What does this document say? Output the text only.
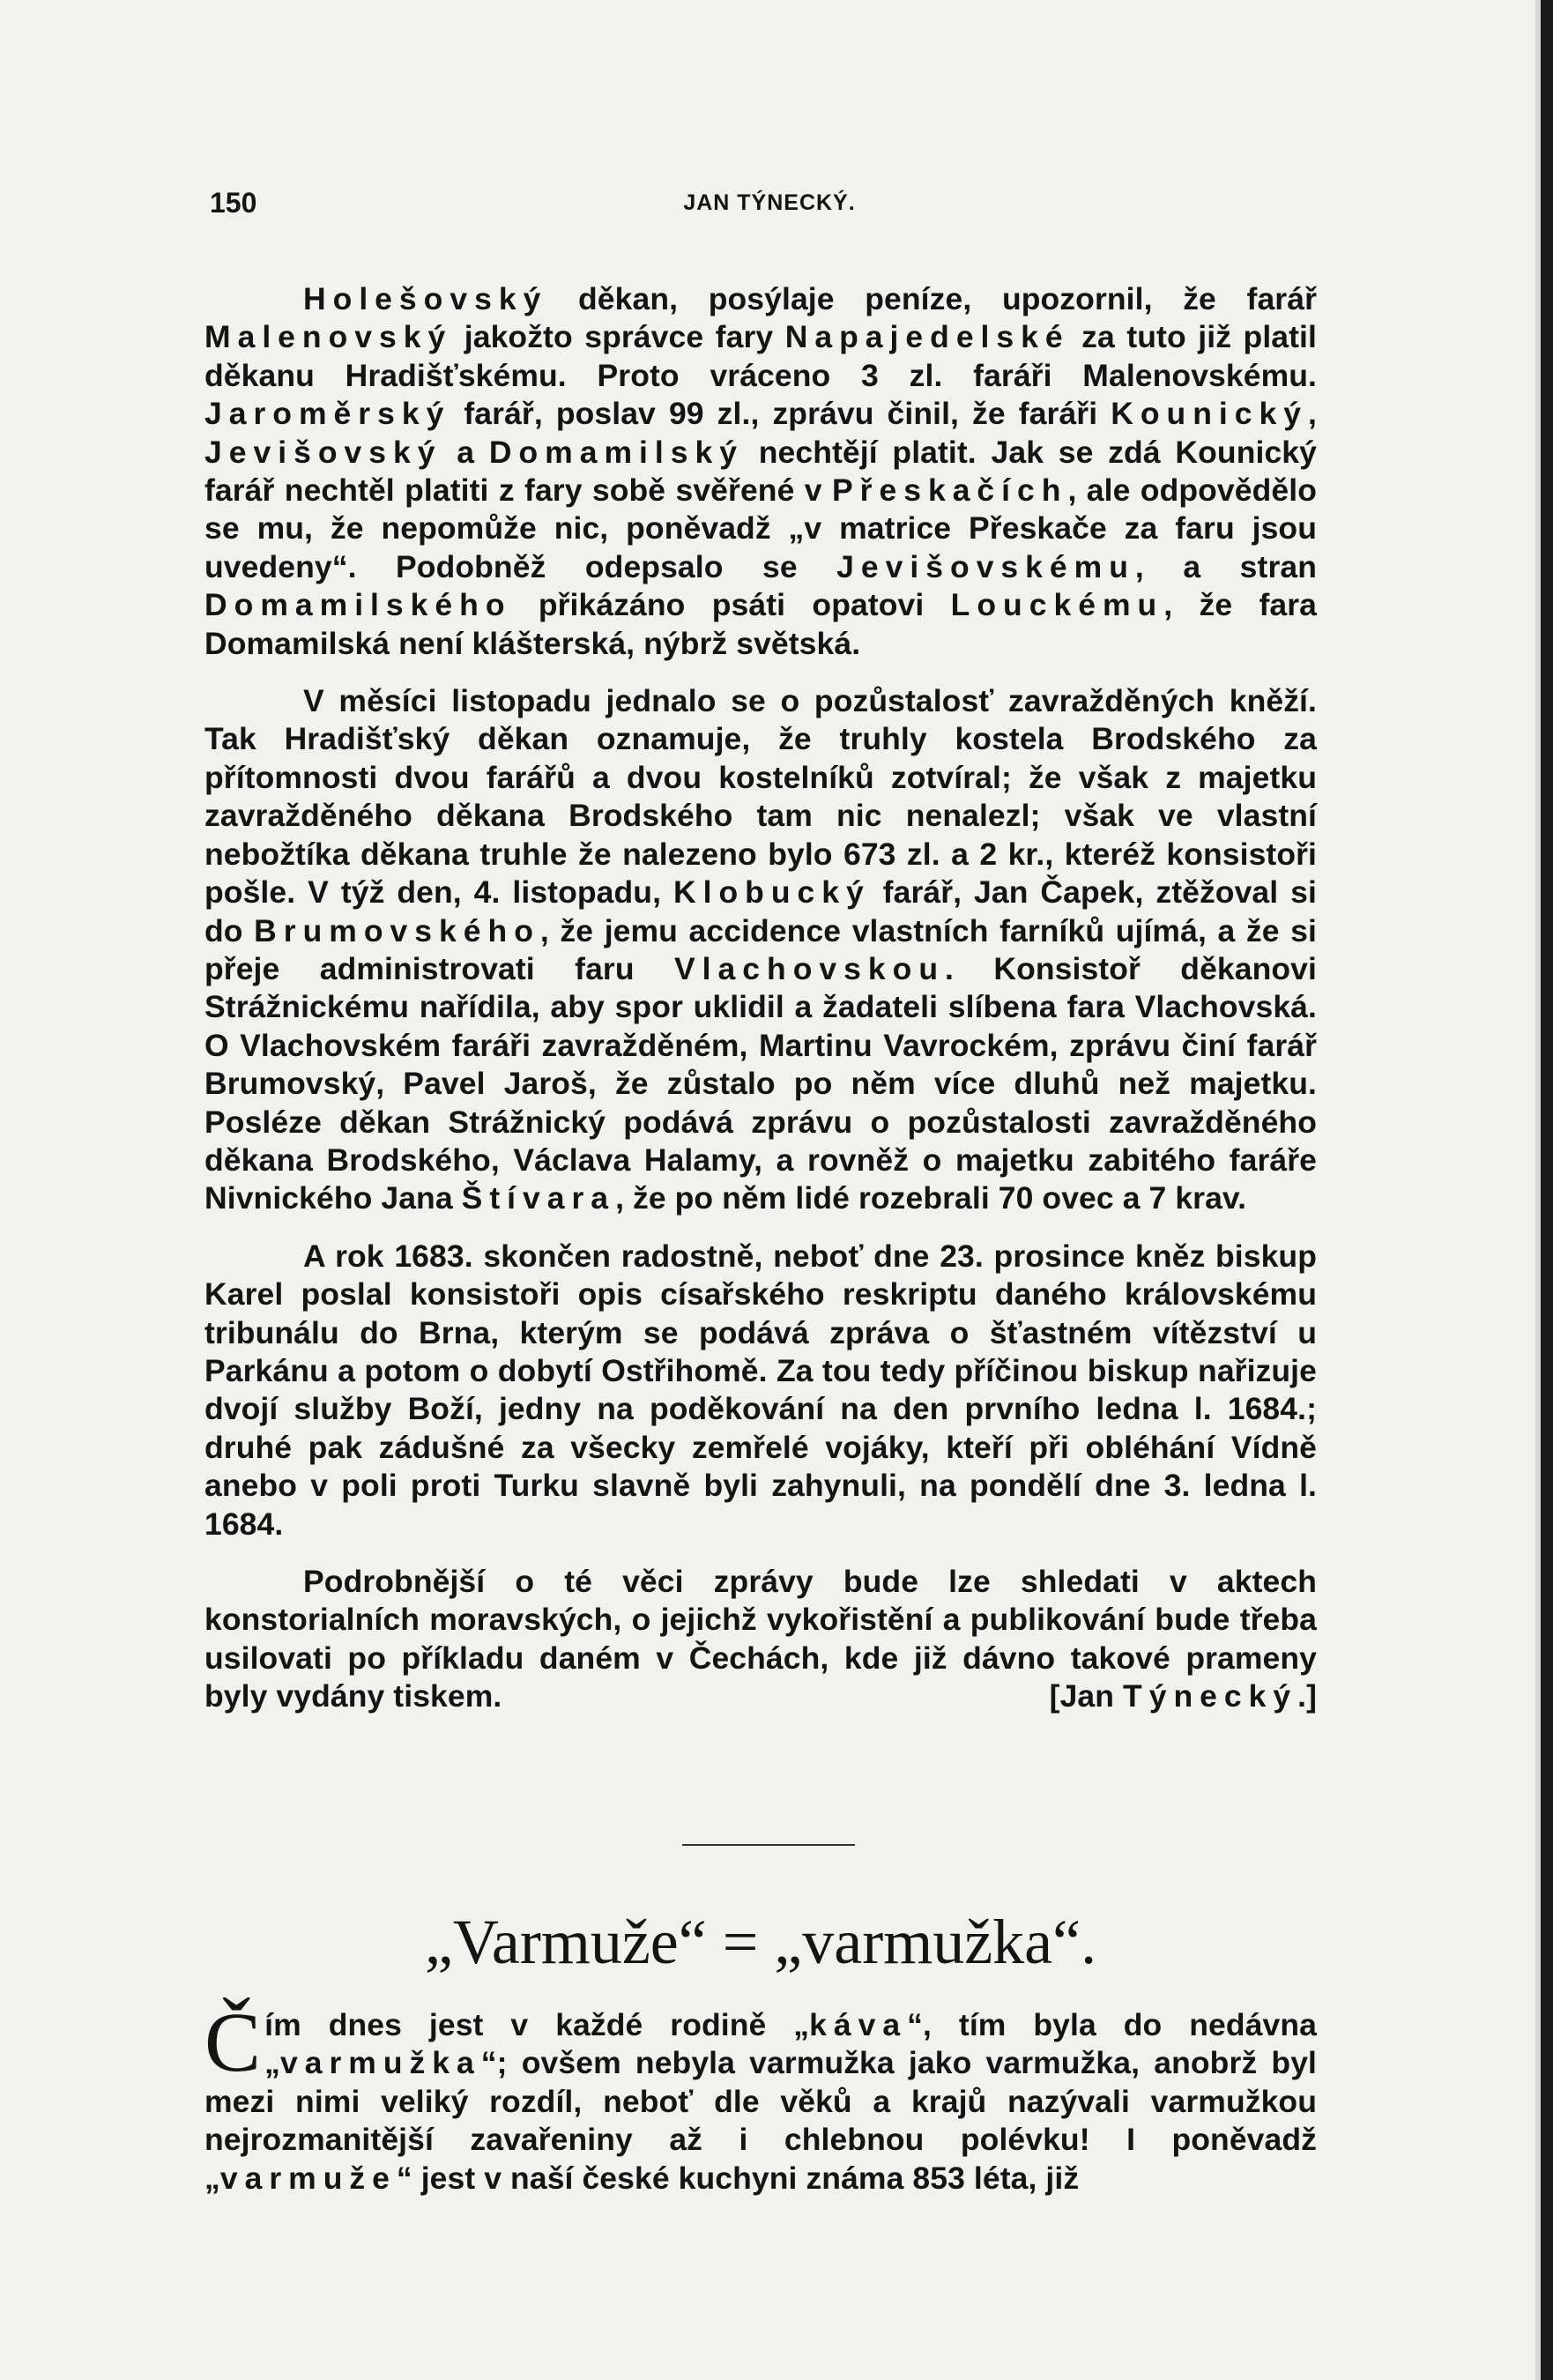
150	JAN TÝNECKÝ.

Holešovský děkan, posýlaje peníze, upozornil, že farář Malenovský jakožto správce fary Napajedelské za tuto již platil děkanu Hradišťskému. Proto vráceno 3 zl. faráři Malenovskému. Jaroměrský farář, poslav 99 zl., zprávu činil, že faráři Kounický, Jevišovský a Domamilský nechtějí platit. Jak se zdá Kounický farář nechtěl platiti z fary sobě svěřené v Přeskačích, ale odpovědělo se mu, že nepomůže nic, poněvadž „v matrice Přeskače za faru jsou uvedeny“. Podobněž odepsalo se Jevišovskému, a stran Domamilského přikázáno psáti opatovi Louckému, že fara Domamilská není klášterská, nýbrž světská.

V měsíci listopadu jednalo se o pozůstalosť zavražděných kněží. Tak Hradišťský děkan oznamuje, že truhly kostela Brodského za přítomnosti dvou farářů a dvou kostelníků zotvíral; že však z majetku zavražděného děkana Brodského tam nic nenalezl; však ve vlastní nebožtíka děkana truhle že nalezeno bylo 673 zl. a 2 kr., kteréž konsistoři pošle. V týž den, 4. listopadu, Klobucký farář, Jan Čapek, ztěžoval si do Brumovského, že jemu accidence vlastních farníků ujímá, a že si přeje administrovati faru Vlachovskou. Konsistoř děkanovi Strážnickému nařídila, aby spor uklidil a žadateli slíbena fara Vlachovská. O Vlachovském faráři zavražděném, Martinu Vavrockém, zprávu činí farář Brumovský, Pavel Jaroš, že zůstalo po něm více dluhů než majetku. Posléze děkan Strážnický podává zprávu o pozůstalosti zavražděného děkana Brodského, Václava Halamy, a rovněž o majetku zabitého faráře Nivnického Jana Štívara, že po něm lidé rozebrali 70 ovec a 7 krav.

A rok 1683. skončen radostně, neboť dne 23. prosince kněz biskup Karel poslal konsistoři opis císařského reskriptu daného královskému tribunálu do Brna, kterým se podává zpráva o šťastném vítězství u Parkánu a potom o dobytí Ostřihomě. Za tou tedy příčinou biskup nařizuje dvojí služby Boží, jedny na poděkování na den prvního ledna l. 1684.; druhé pak zádušné za všecky zemřelé vojáky, kteří při obléhání Vídně anebo v poli proti Turku slavně byli zahynuli, na pondělí dne 3. ledna l. 1684.

Podrobnější o té věci zprávy bude lze shledati v aktech konstorialních moravských, o jejichž vykořistění a publikování bude třeba usilovati po příkladu daném v Čechách, kde již dávno takové prameny byly vydány tiskem.	[Jan Týnecký.]

„Varmuže“ = „varmužka“.

Č ím dnes jest v každé rodině „káva“, tím byla do nedávna „varmužka“; ovšem nebyla varmužka jako varmužka, anobrž byl mezi nimi veliký rozdíl, neboť dle věků a krajů nazývali varmužkou nejrozmanitější zavařeniny až i chlebnou polévku! I poněvadž „varmuže“ jest v naší české kuchyni známa 853 léta, již
